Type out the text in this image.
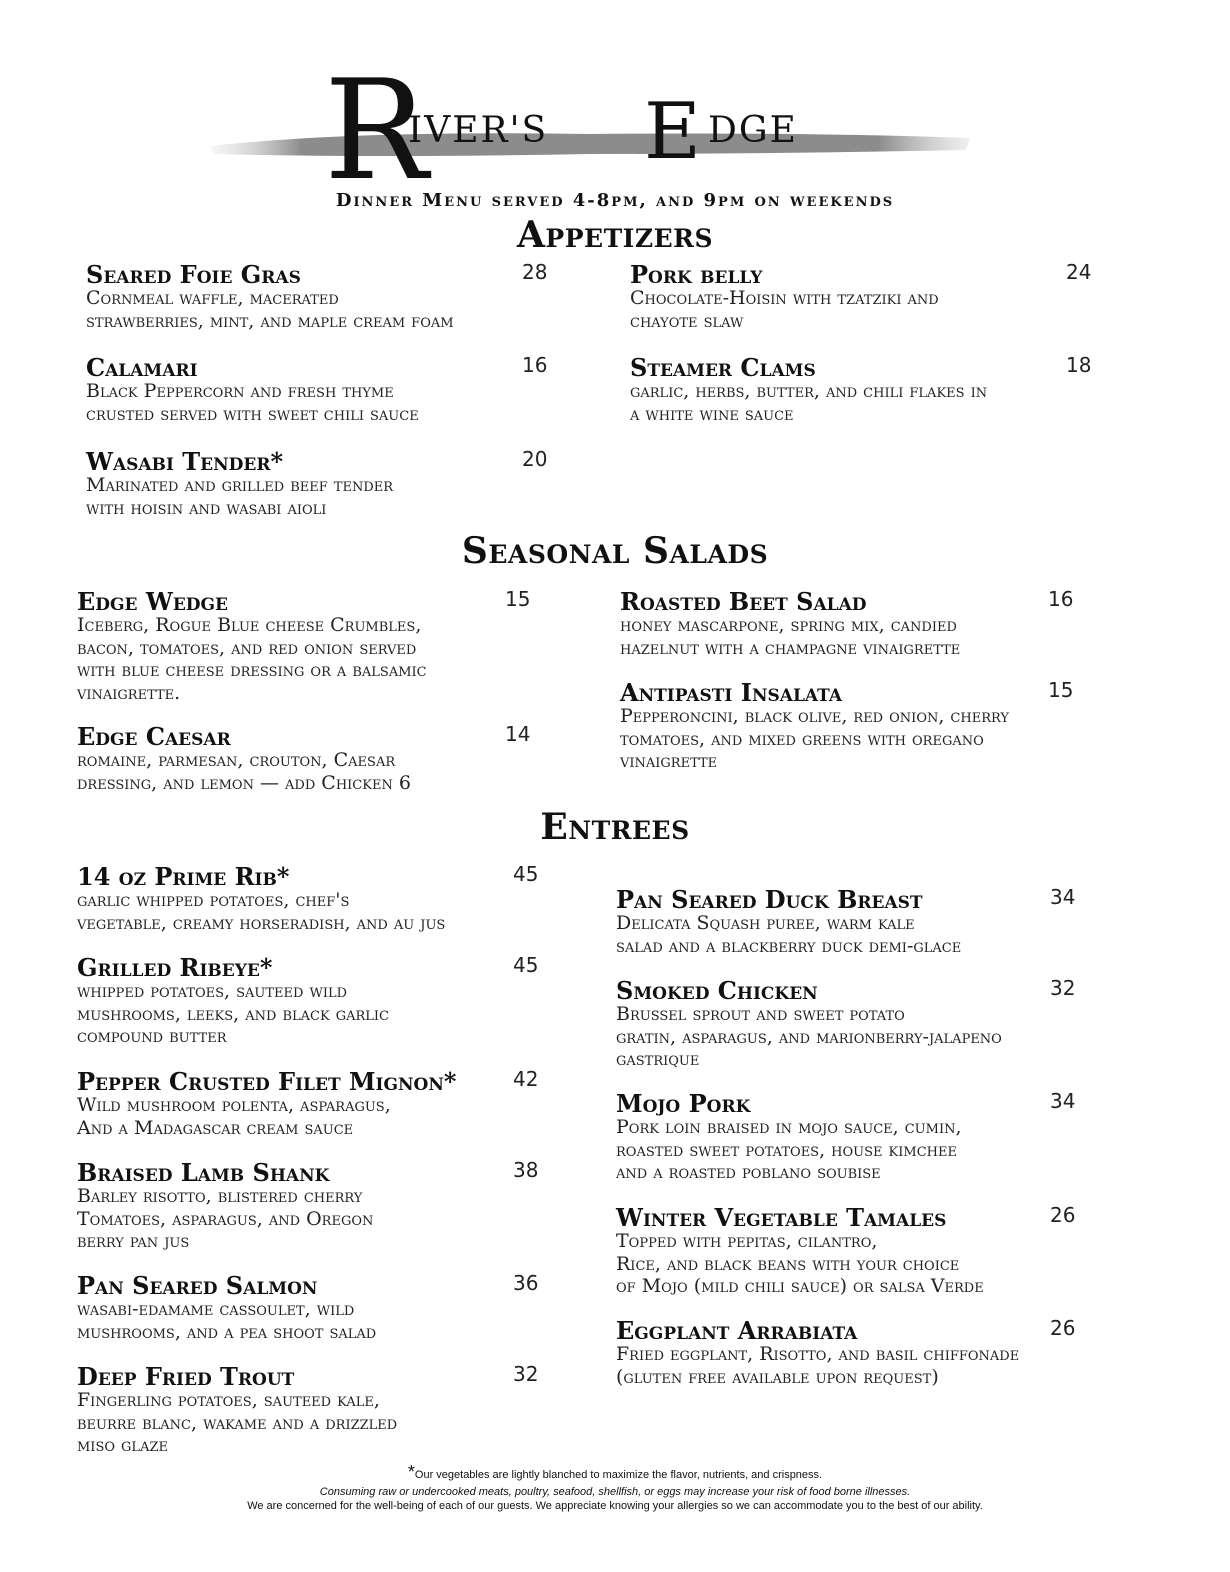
R
IVER'S E DGE
Dinner Menu served 4-8pm, and 9pm on weekends
Appetizers
Seasonal Salads
Entrees
Seared Foie Gras	28

Cornmeal waffle, macerated

strawberries, mint, and maple cream foam

Calamari	16

Black Peppercorn and fresh thyme

crusted served with sweet chili sauce

Wasabi Tender*	20

Marinated and grilled beef tender

with hoisin and wasabi aioli

Pork belly	24

Chocolate-Hoisin with tzatziki and

chayote slaw

Steamer Clams	18

garlic, herbs, butter, and chili flakes in

a white wine sauce

Edge Wedge	15

Iceberg, Rogue Blue cheese Crumbles,

bacon, tomatoes, and red onion served

with blue cheese dressing or a balsamic

vinaigrette.

Edge Caesar	14

romaine, parmesan, crouton, Caesar

dressing, and lemon — add Chicken 6

Roasted Beet Salad	16

honey mascarpone, spring mix, candied

hazelnut with a champagne vinaigrette

Antipasti Insalata	15

Pepperoncini, black olive, red onion, cherry

tomatoes, and mixed greens with oregano

vinaigrette

14 oz Prime Rib*	45

garlic whipped potatoes, chef's

vegetable, creamy horseradish, and au jus

Grilled Ribeye*	45

whipped potatoes, sauteed wild

mushrooms, leeks, and black garlic

compound butter

Pepper Crusted Filet Mignon*	42

Wild mushroom polenta, asparagus,

And a Madagascar cream sauce

Braised Lamb Shank	38

Barley risotto, blistered cherry

Tomatoes, asparagus, and Oregon

berry pan jus

Pan Seared Salmon	36

wasabi-edamame cassoulet, wild

mushrooms, and a pea shoot salad

Deep Fried Trout	32

Fingerling potatoes, sauteed kale,

beurre blanc, wakame and a drizzled

miso glaze

Pan Seared Duck Breast	34

Delicata Squash puree, warm kale

salad and a blackberry duck demi-glace

Smoked Chicken	32

Brussel sprout and sweet potato

gratin, asparagus, and marionberry-jalapeno

gastrique

Mojo Pork	34

Pork loin braised in mojo sauce, cumin,

roasted sweet potatoes, house kimchee

and a roasted poblano soubise

Winter Vegetable Tamales	26

Topped with pepitas, cilantro,

Rice, and black beans with your choice

of Mojo (mild chili sauce) or salsa Verde

Eggplant Arrabiata	26

Fried eggplant, Risotto, and basil chiffonade

(gluten free available upon request)

*Our vegetables are lightly blanched to maximize the flavor, nutrients, and crispness.
Consuming raw or undercooked meats, poultry, seafood, shellfish, or eggs may increase your risk of food borne illnesses.
We are concerned for the well-being of each of our guests. We appreciate knowing your allergies so we can accommodate you to the best of our ability.
